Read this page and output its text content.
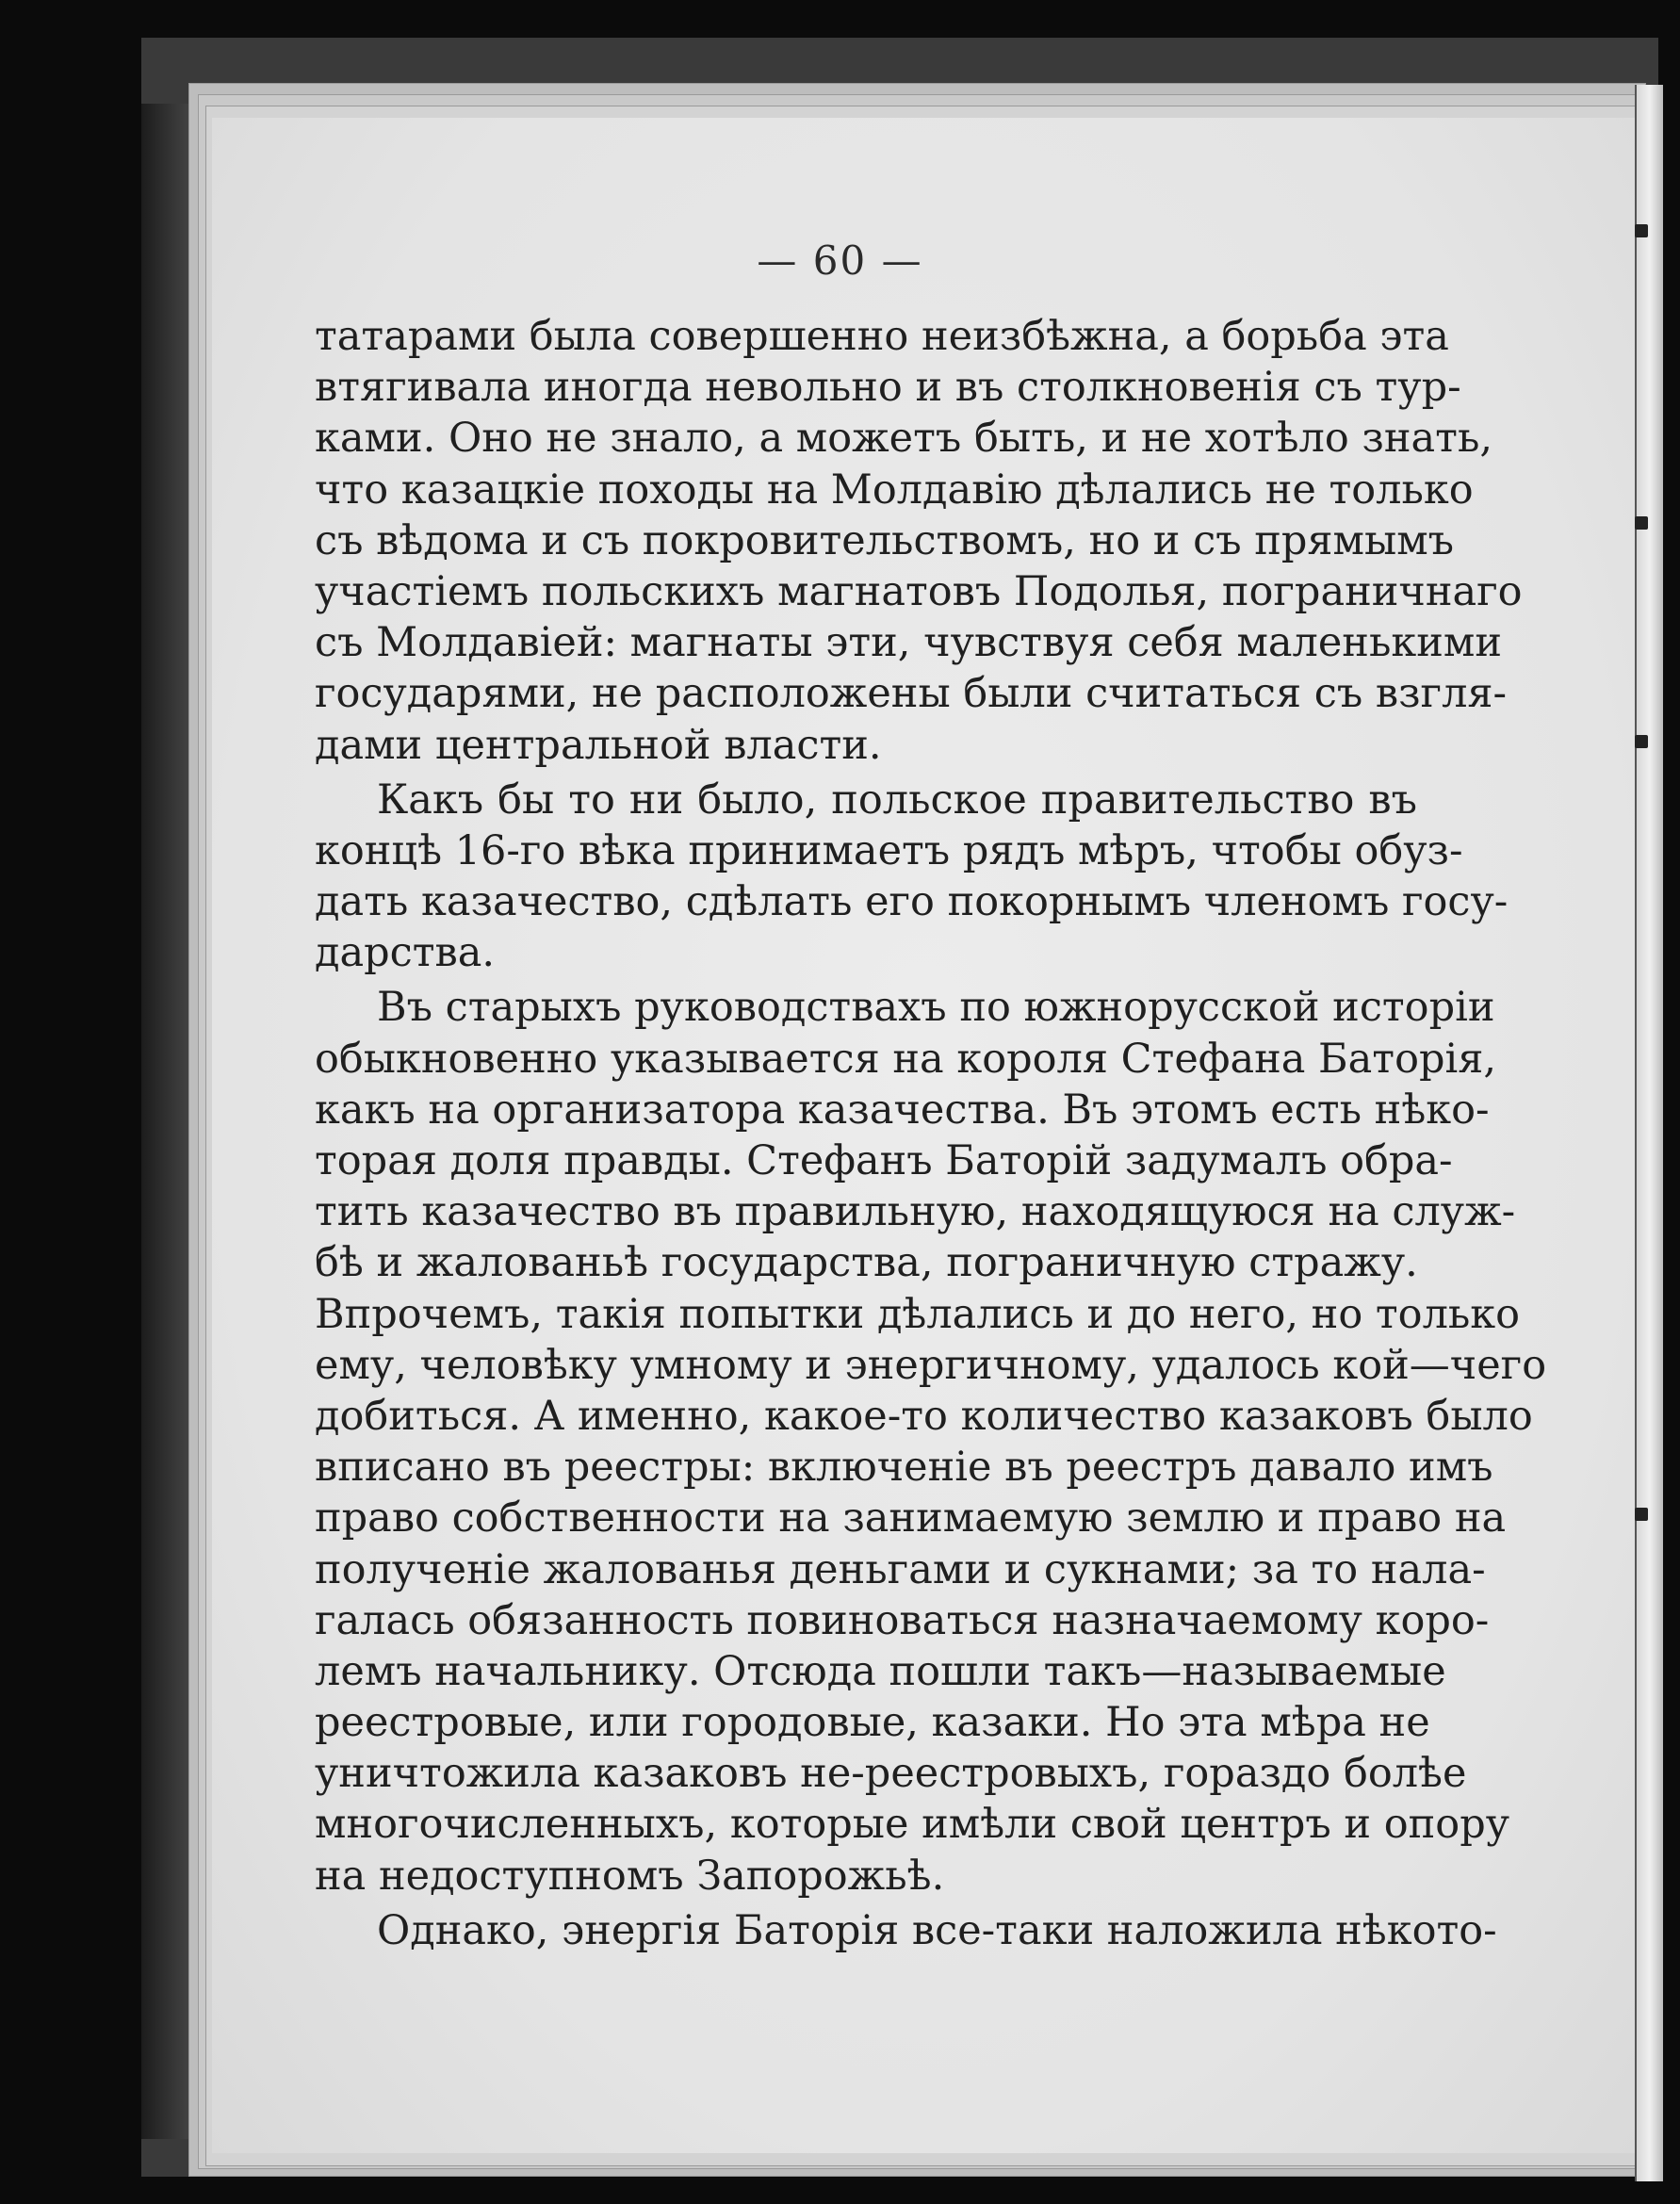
— 60 —
татарами была совершенно неизбѣжна, а борьба эта
втягивала иногда невольно и въ столкновенія съ тур-
ками. Оно не знало, а можетъ быть, и не хотѣло знать,
что казацкіе походы на Молдавію дѣлались не только
съ вѣдома и съ покровительствомъ, но и съ прямымъ
участіемъ польскихъ магнатовъ Подолья, пограничнаго
съ Молдавіей: магнаты эти, чувствуя себя маленькими
государями, не расположены были считаться съ взгля-
дами центральной власти.
Какъ бы то ни было, польское правительство въ
концѣ 16-го вѣка принимаетъ рядъ мѣръ, чтобы обуз-
дать казачество, сдѣлать его покорнымъ членомъ госу-
дарства.
Въ старыхъ руководствахъ по южнорусской исторіи
обыкновенно указывается на короля Стефана Баторія,
какъ на организатора казачества. Въ этомъ есть нѣко-
торая доля правды. Стефанъ Баторій задумалъ обра-
тить казачество въ правильную, находящуюся на служ-
бѣ и жалованьѣ государства, пограничную стражу.
Впрочемъ, такія попытки дѣлались и до него, но только
ему, человѣку умному и энергичному, удалось кой—чего
добиться. А именно, какое-то количество казаковъ было
вписано въ реестры: включеніе въ реестръ давало имъ
право собственности на занимаемую землю и право на
полученіе жалованья деньгами и сукнами; за то нала-
галась обязанность повиноваться назначаемому коро-
лемъ начальнику. Отсюда пошли такъ—называемые
реестровые, или городовые, казаки. Но эта мѣра не
уничтожила казаковъ не-реестровыхъ, гораздо болѣе
многочисленныхъ, которые имѣли свой центръ и опору
на недоступномъ Запорожьѣ.
Однако, энергія Баторія все-таки наложила нѣкото-
